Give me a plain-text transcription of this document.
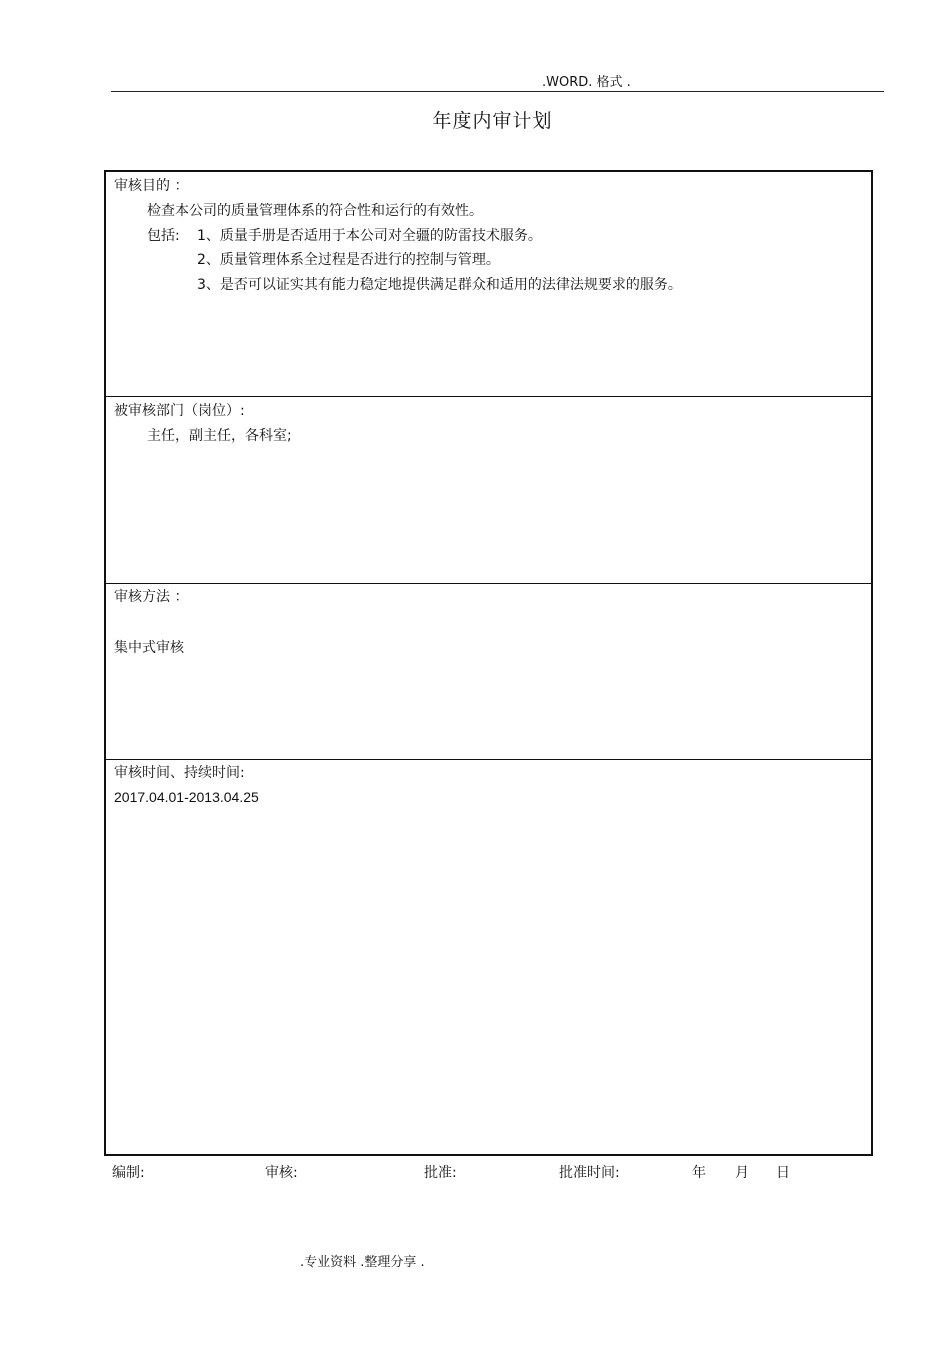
.WORD. 格式 .
年度内审计划
审核目的 ：
检查本公司的质量管理体系的符合性和运行的有效性。
包括: 1、质量手册是否适用于本公司对全疆的防雷技术服务。
2、质量管理体系全过程是否进行的控制与管理。
3、是否可以证实其有能力稳定地提供满足群众和适用的法律法规要求的服务。
被审核部门（岗位）:
主任，副主任，各科室;
审核方法 ：
集中式审核
审核时间、持续时间:
2017.04.01-2013.04.25
编制:	审核:	批准:	批准时间:	年 月 日
.专业资料 .整理分享 .
